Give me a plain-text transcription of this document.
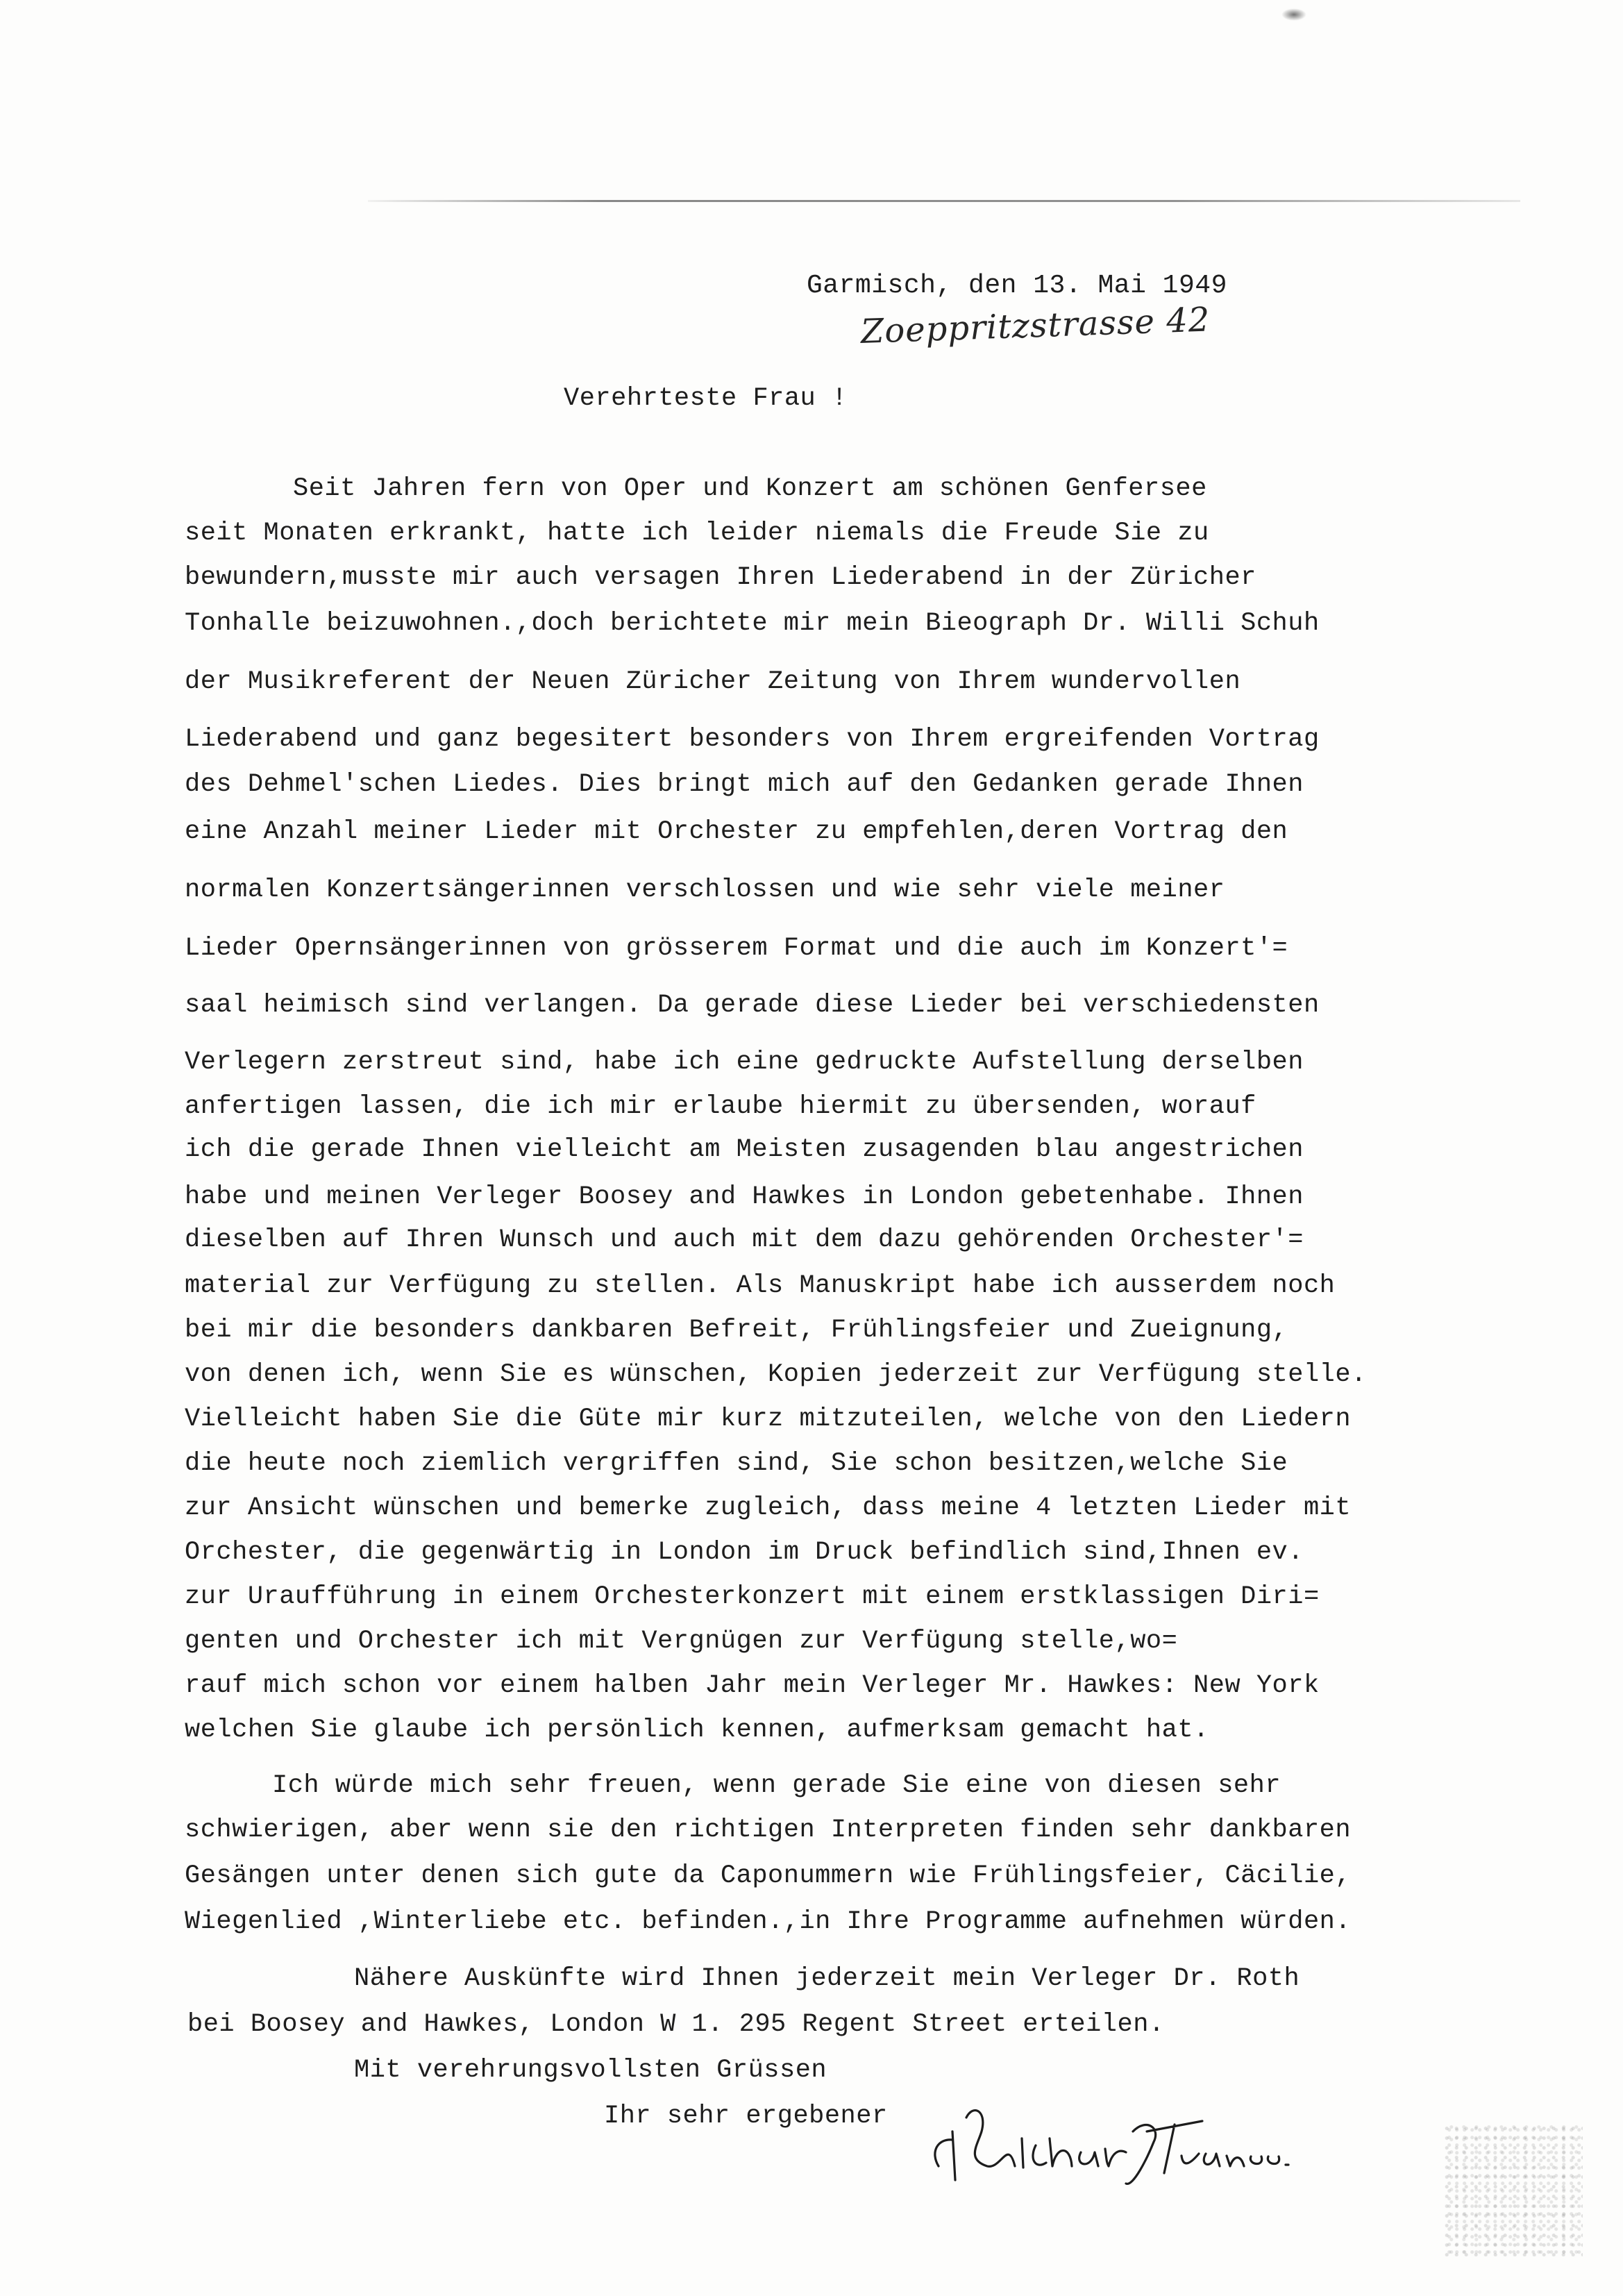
Garmisch, den 13. Mai 1949
Zoeppritzstrasse 42
Verehrteste Frau !
Seit Jahren fern von Oper und Konzert am schönen Genfersee
seit Monaten erkrankt, hatte ich leider niemals die Freude Sie zu
bewundern,musste mir auch versagen Ihren Liederabend in der Züricher
Tonhalle beizuwohnen.,doch berichtete mir mein Bieograph Dr. Willi Schuh
der Musikreferent der Neuen Züricher Zeitung von Ihrem wundervollen
Liederabend und ganz begesitert besonders von Ihrem ergreifenden Vortrag
des Dehmel'schen Liedes. Dies bringt mich auf den Gedanken gerade Ihnen
eine Anzahl meiner Lieder mit Orchester zu empfehlen,deren Vortrag den
normalen Konzertsängerinnen verschlossen und wie sehr viele meiner
Lieder Opernsängerinnen von grösserem Format und die auch im Konzert'=
saal heimisch sind verlangen. Da gerade diese Lieder bei verschiedensten
Verlegern zerstreut sind, habe ich eine gedruckte Aufstellung derselben
anfertigen lassen, die ich mir erlaube hiermit zu übersenden, worauf
ich die gerade Ihnen vielleicht am Meisten zusagenden blau angestrichen
habe und meinen Verleger Boosey and Hawkes in London gebetenhabe. Ihnen
dieselben auf Ihren Wunsch und auch mit dem dazu gehörenden Orchester'=
material zur Verfügung zu stellen. Als Manuskript habe ich ausserdem noch
bei mir die besonders dankbaren Befreit, Frühlingsfeier und Zueignung,
von denen ich, wenn Sie es wünschen, Kopien jederzeit zur Verfügung stelle.
Vielleicht haben Sie die Güte mir kurz mitzuteilen, welche von den Liedern
die heute noch ziemlich vergriffen sind, Sie schon besitzen,welche Sie
zur Ansicht wünschen und bemerke zugleich, dass meine 4 letzten Lieder mit
Orchester, die gegenwärtig in London im Druck befindlich sind,Ihnen ev.
zur Uraufführung in einem Orchesterkonzert mit einem erstklassigen Diri=
genten und Orchester ich mit Vergnügen zur Verfügung stelle,wo=
rauf mich schon vor einem halben Jahr mein Verleger Mr. Hawkes: New York
welchen Sie glaube ich persönlich kennen, aufmerksam gemacht hat.
Ich würde mich sehr freuen, wenn gerade Sie eine von diesen sehr
schwierigen, aber wenn sie den richtigen Interpreten finden sehr dankbaren
Gesängen unter denen sich gute da Caponummern wie Frühlingsfeier, Cäcilie,
Wiegenlied ,Winterliebe etc. befinden.,in Ihre Programme aufnehmen würden.
Nähere Auskünfte wird Ihnen jederzeit mein Verleger Dr. Roth
bei Boosey and Hawkes, London W 1. 295 Regent Street erteilen.
Mit verehrungsvollsten Grüssen
Ihr sehr ergebener
